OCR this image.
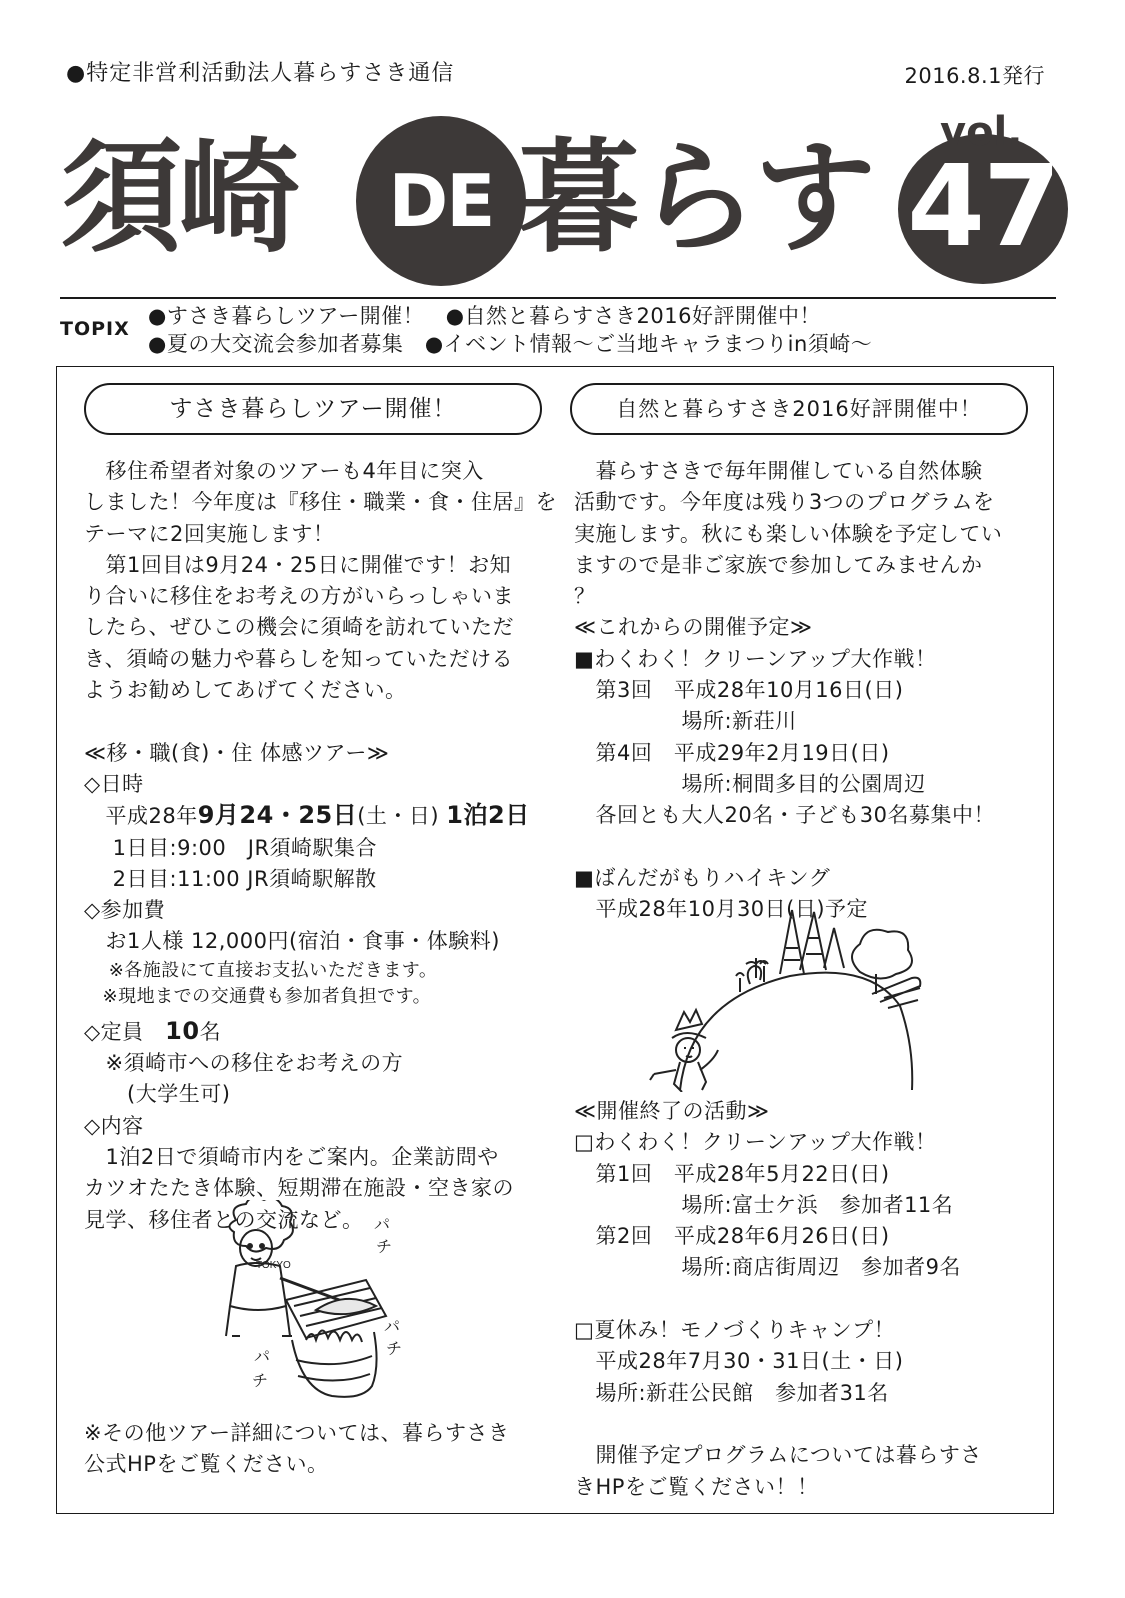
●特定非営利活動法人暮らすさき通信	2016.8.1発行
須崎	DE 暮らす 47
vol.
TOPIX
●すさき暮らしツアー開催！　●自然と暮らすさき2016好評開催中！
●夏の大交流会参加者募集　●イベント情報～ご当地キャラまつりin須崎～
すさき暮らしツアー開催！
　移住希望者対象のツアーも4年目に突入
しました！今年度は『移住・職業・食・住居』を
テーマに2回実施します！
　第1回目は9月24・25日に開催です！お知
り合いに移住をお考えの方がいらっしゃいま
したら、ぜひこの機会に須崎を訪れていただ
き、須崎の魅力や暮らしを知っていただける
ようお勧めしてあげてください。

≪移・職(食)・住 体感ツアー≫
◇日時
　平成28年9月24・25日(土・日) 1泊2日
　 1日目:9:00　JR須崎駅集合
　 2日目:11:00 JR須崎駅解散
◇参加費
　お1人様 12,000円(宿泊・食事・体験料)
　 ※各施設にて直接お支払いただきます。
　※現地までの交通費も参加者負担です。
◇定員　10名
　※須崎市への移住をお考えの方
　　(大学生可)
◇内容
　1泊2日で須崎市内をご案内。企業訪問や
カツオたたき体験、短期滞在施設・空き家の
見学、移住者との交流など。
TOKYO
パ
チ
パ
チ
パ
チ
※その他ツアー詳細については、暮らすさき
公式HPをご覧ください。
自然と暮らすさき2016好評開催中！
　暮らすさきで毎年開催している自然体験
活動です。今年度は残り3つのプログラムを
実施します。秋にも楽しい体験を予定してい
ますので是非ご家族で参加してみませんか
？
≪これからの開催予定≫
■わくわく！クリーンアップ大作戦！
　第3回　平成28年10月16日(日)
　　　　　場所:新荘川
　第4回　平成29年2月19日(日)
　　　　　場所:桐間多目的公園周辺
　各回とも大人20名・子ども30名募集中！

■ばんだがもりハイキング
　平成28年10月30日(日)予定
≪開催終了の活動≫
□わくわく！クリーンアップ大作戦！
　第1回　平成28年5月22日(日)
　　　　　場所:富士ケ浜　参加者11名
　第2回　平成28年6月26日(日)
　　　　　場所:商店街周辺　参加者9名

□夏休み！モノづくりキャンプ！
　平成28年7月30・31日(土・日)
　場所:新荘公民館　参加者31名

　開催予定プログラムについては暮らすさ
きHPをご覧ください！！
